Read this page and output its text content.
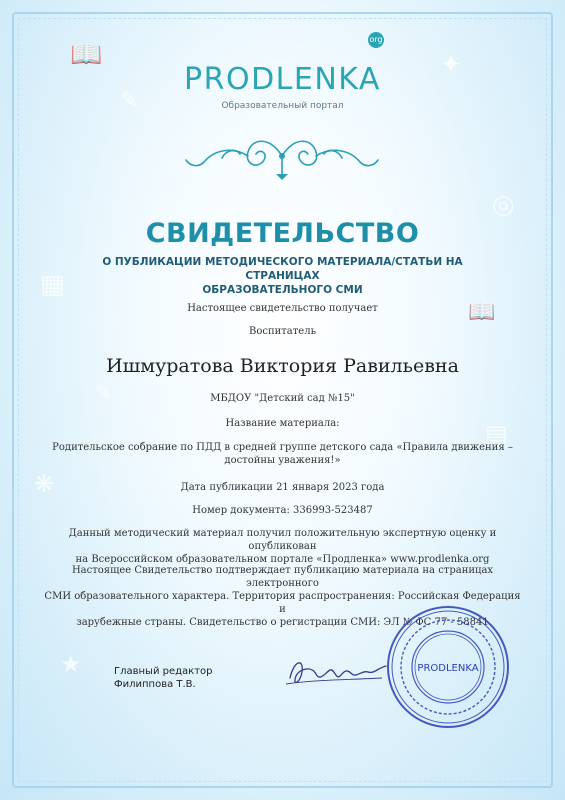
📖
✎
✦
◎
▦
▤
❋
★
📖
✎
PRODLENKA
org
Образовательный портал
СВИДЕТЕЛЬСТВО
О ПУБЛИКАЦИИ МЕТОДИЧЕСКОГО МАТЕРИАЛА/СТАТЬИ НА СТРАНИЦАХ
ОБРАЗОВАТЕЛЬНОГО СМИ
Настоящее свидетельство получает
Воспитатель
Ишмуратова Виктория Равильевна
МБДОУ "Детский сад №15"
Название материала:
Родительское собрание по ПДД в средней группе детского сада «Правила движения –
достойны уважения!»
Дата публикации 21 января 2023 года
Номер документа: 336993-523487
Данный методический материал получил положительную экспертную оценку и опубликован
на Всероссийском образовательном портале «Продленка» www.prodlenka.org
Настоящее Свидетельство подтверждает публикацию материала на страницах электронного
СМИ образовательного характера. Территория распространения: Российская Федерация и
зарубежные страны. Свидетельство о регистрации СМИ: ЭЛ № ФС 77 - 58841
Главный редактор
Филиппова Т.В.
PRODLENKA
